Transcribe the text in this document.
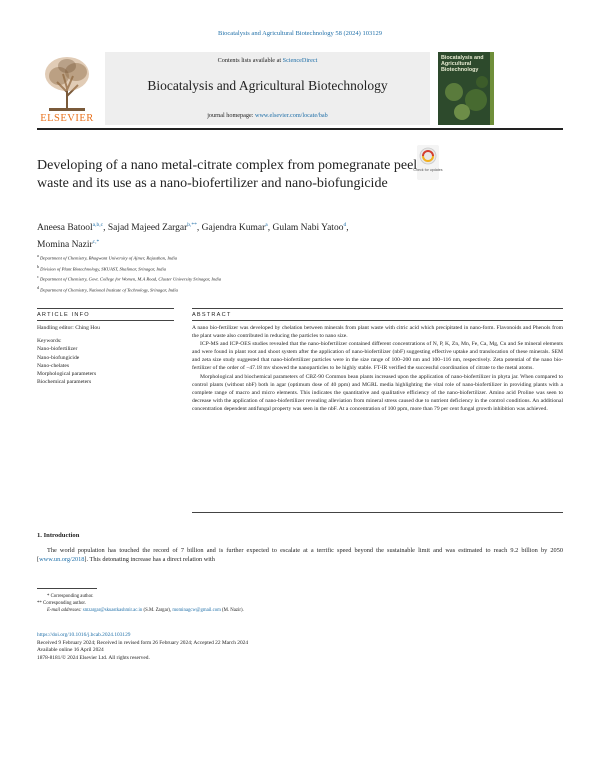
Biocatalysis and Agricultural Biotechnology 58 (2024) 103129
ELSEVIER
Contents lists available at ScienceDirect
Biocatalysis and Agricultural Biotechnology
journal homepage: www.elsevier.com/locate/bab
Biocatalysis and Agricultural Biotechnology
Developing of a nano metal-citrate complex from pomegranate peel waste and its use as a nano-biofertilizer and nano-biofungicide
Check for updates
Aneesa Batool$^{a,b,c}$, Sajad Majeed Zargar$^{b,**}$, Gajendra Kumar$^a$, Gulam Nabi Yatoo$^d$,
Momina Nazir$^{c,*}$
$^a$ Department of Chemistry, Bhagwant University of Ajmer, Rajasthan, India
$^b$ Division of Plant Biotechnology, SKUAST, Shalimar, Srinagar, India
$^c$ Department of Chemistry, Govt. College for Women, M.A Road, Cluster University Srinagar, India
$^d$ Department of Chemistry, National Institute of Technology, Srinagar, India
ARTICLE INFO	ABSTRACT
Handling editor: Ching Hou
Keywords:
Nano-biofertilizer
Nano-biofungicide
Nano-chelates
Morphological parameters
Biochemical parameters

A nano bio-fertilizer was developed by chelation between minerals from plant waste with citric acid which precipitated in nano-form. Flavonoids and Phenols from the plant waste also contributed in reducing the particles to nano size.

ICP-MS and ICP-OES studies revealed that the nano-biofertilizer contained different concentrations of N, P, K, Zn, Mn, Fe, Ca, Mg, Cu and Se mineral elements and were found in plant root and shoot system after the application of nano-biofertilizer (nbF) suggesting effective uptake and translocation of these minerals. SEM and zeta size study suggested that nano-biofertilizer particles were in the size range of 100–200 nm and 100–116 nm, respectively. Zeta potential of the nano bio-fertilizer of the order of −47.18 mv showed the nanoparticles to be highly stable. FT-IR verified the successful coordination of citrate to the metal atoms.

Morphological and biochemical parameters of CBZ-90 Common bean plants increased upon the application of nano-biofertilizer in phyta jar. When compared to control plants (without nbF) both in agar (optimum dose of 40 ppm) and MGRL media highlighting the vital role of nano-biofertilizer in providing plants with a complete range of macro and micro elements. This indicates the quantitative and qualitative efficiency of the nano-biofertilizer. Amino acid Proline was seen to decrease with the application of nano-biofertilizer revealing alleviation from mineral stress caused due to nutrient deficiency in the control conditions. An additional concentration dependent antifungal property was seen in the nbF. At a concentration of 100 ppm, more than 79 per cent fungal growth inhibition was achieved.

1. Introduction
The world population has touched the record of 7 billion and is further expected to escalate at a terrific speed beyond the sustainable limit and was estimated to reach 9.2 billion by 2050 [www.un.org/2018]. This detonating increase has a direct relation with
* Corresponding author.
** Corresponding author.
E-mail addresses: smzargar@skuastkashmir.ac.in (S.M. Zargar), mominagcw@gmail.com (M. Nazir).
https://doi.org/10.1016/j.bcab.2024.103129
Received 9 February 2024; Received in revised form 26 February 2024; Accepted 22 March 2024
Available online 16 April 2024
1878-8181/© 2024 Elsevier Ltd. All rights reserved.
